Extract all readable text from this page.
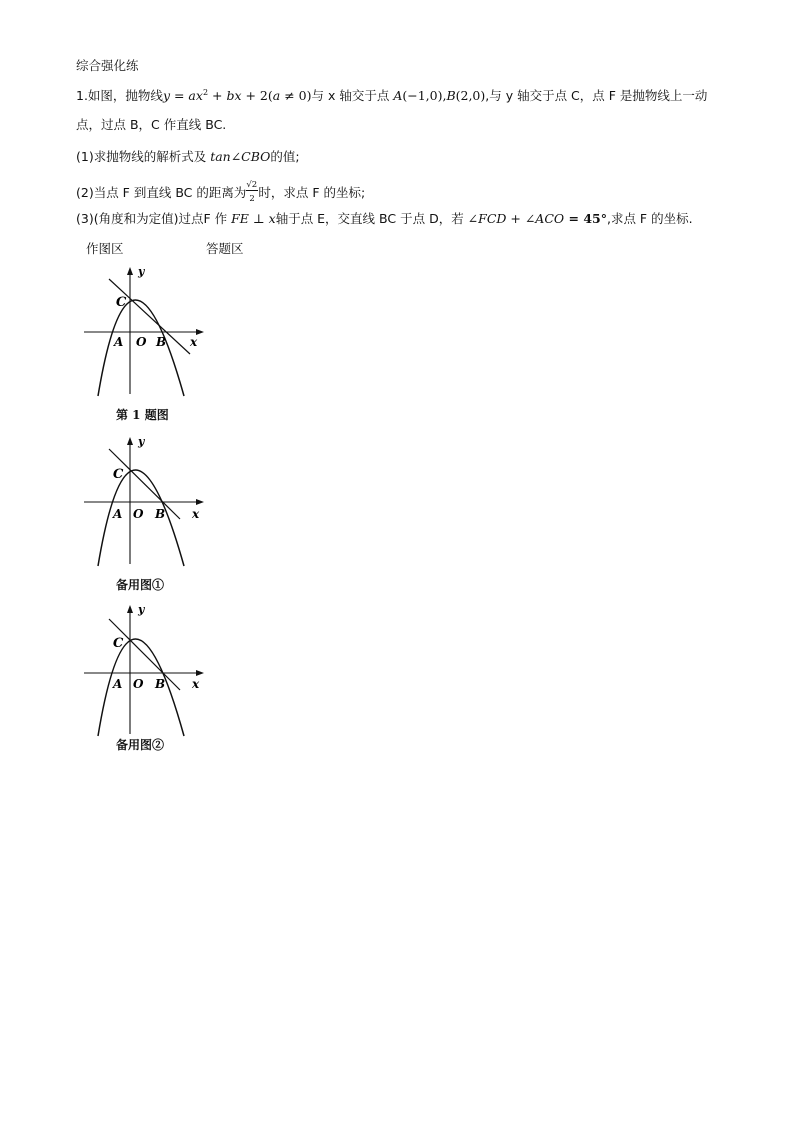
综合强化练
1.如图，抛物线$y = ax^2$ + bx + 2(a ≠ 0)与 x 轴交于点 A(−1,0),B(2,0),与 y 轴交于点 C，点 F 是抛物线上一动
点，过点 B，C 作直线 BC.
(1)求抛物线的解析式及 tan∠CBO的值;
(2)当点 F 到直线 BC 的距离为 $\frac{√2}{2}$ 时，求点 F 的坐标;
(3)(角度和为定值)过点F 作 FE ⊥ x轴于点 E，交直线 BC 于点 D，若 ∠FCD + ∠ACO = 45°,求点 F 的坐标.
作图区	答题区
y
x
C
A O B
第 1 题图
y
x
C
A O B
备用图①
y
x
C
A O B
备用图②
